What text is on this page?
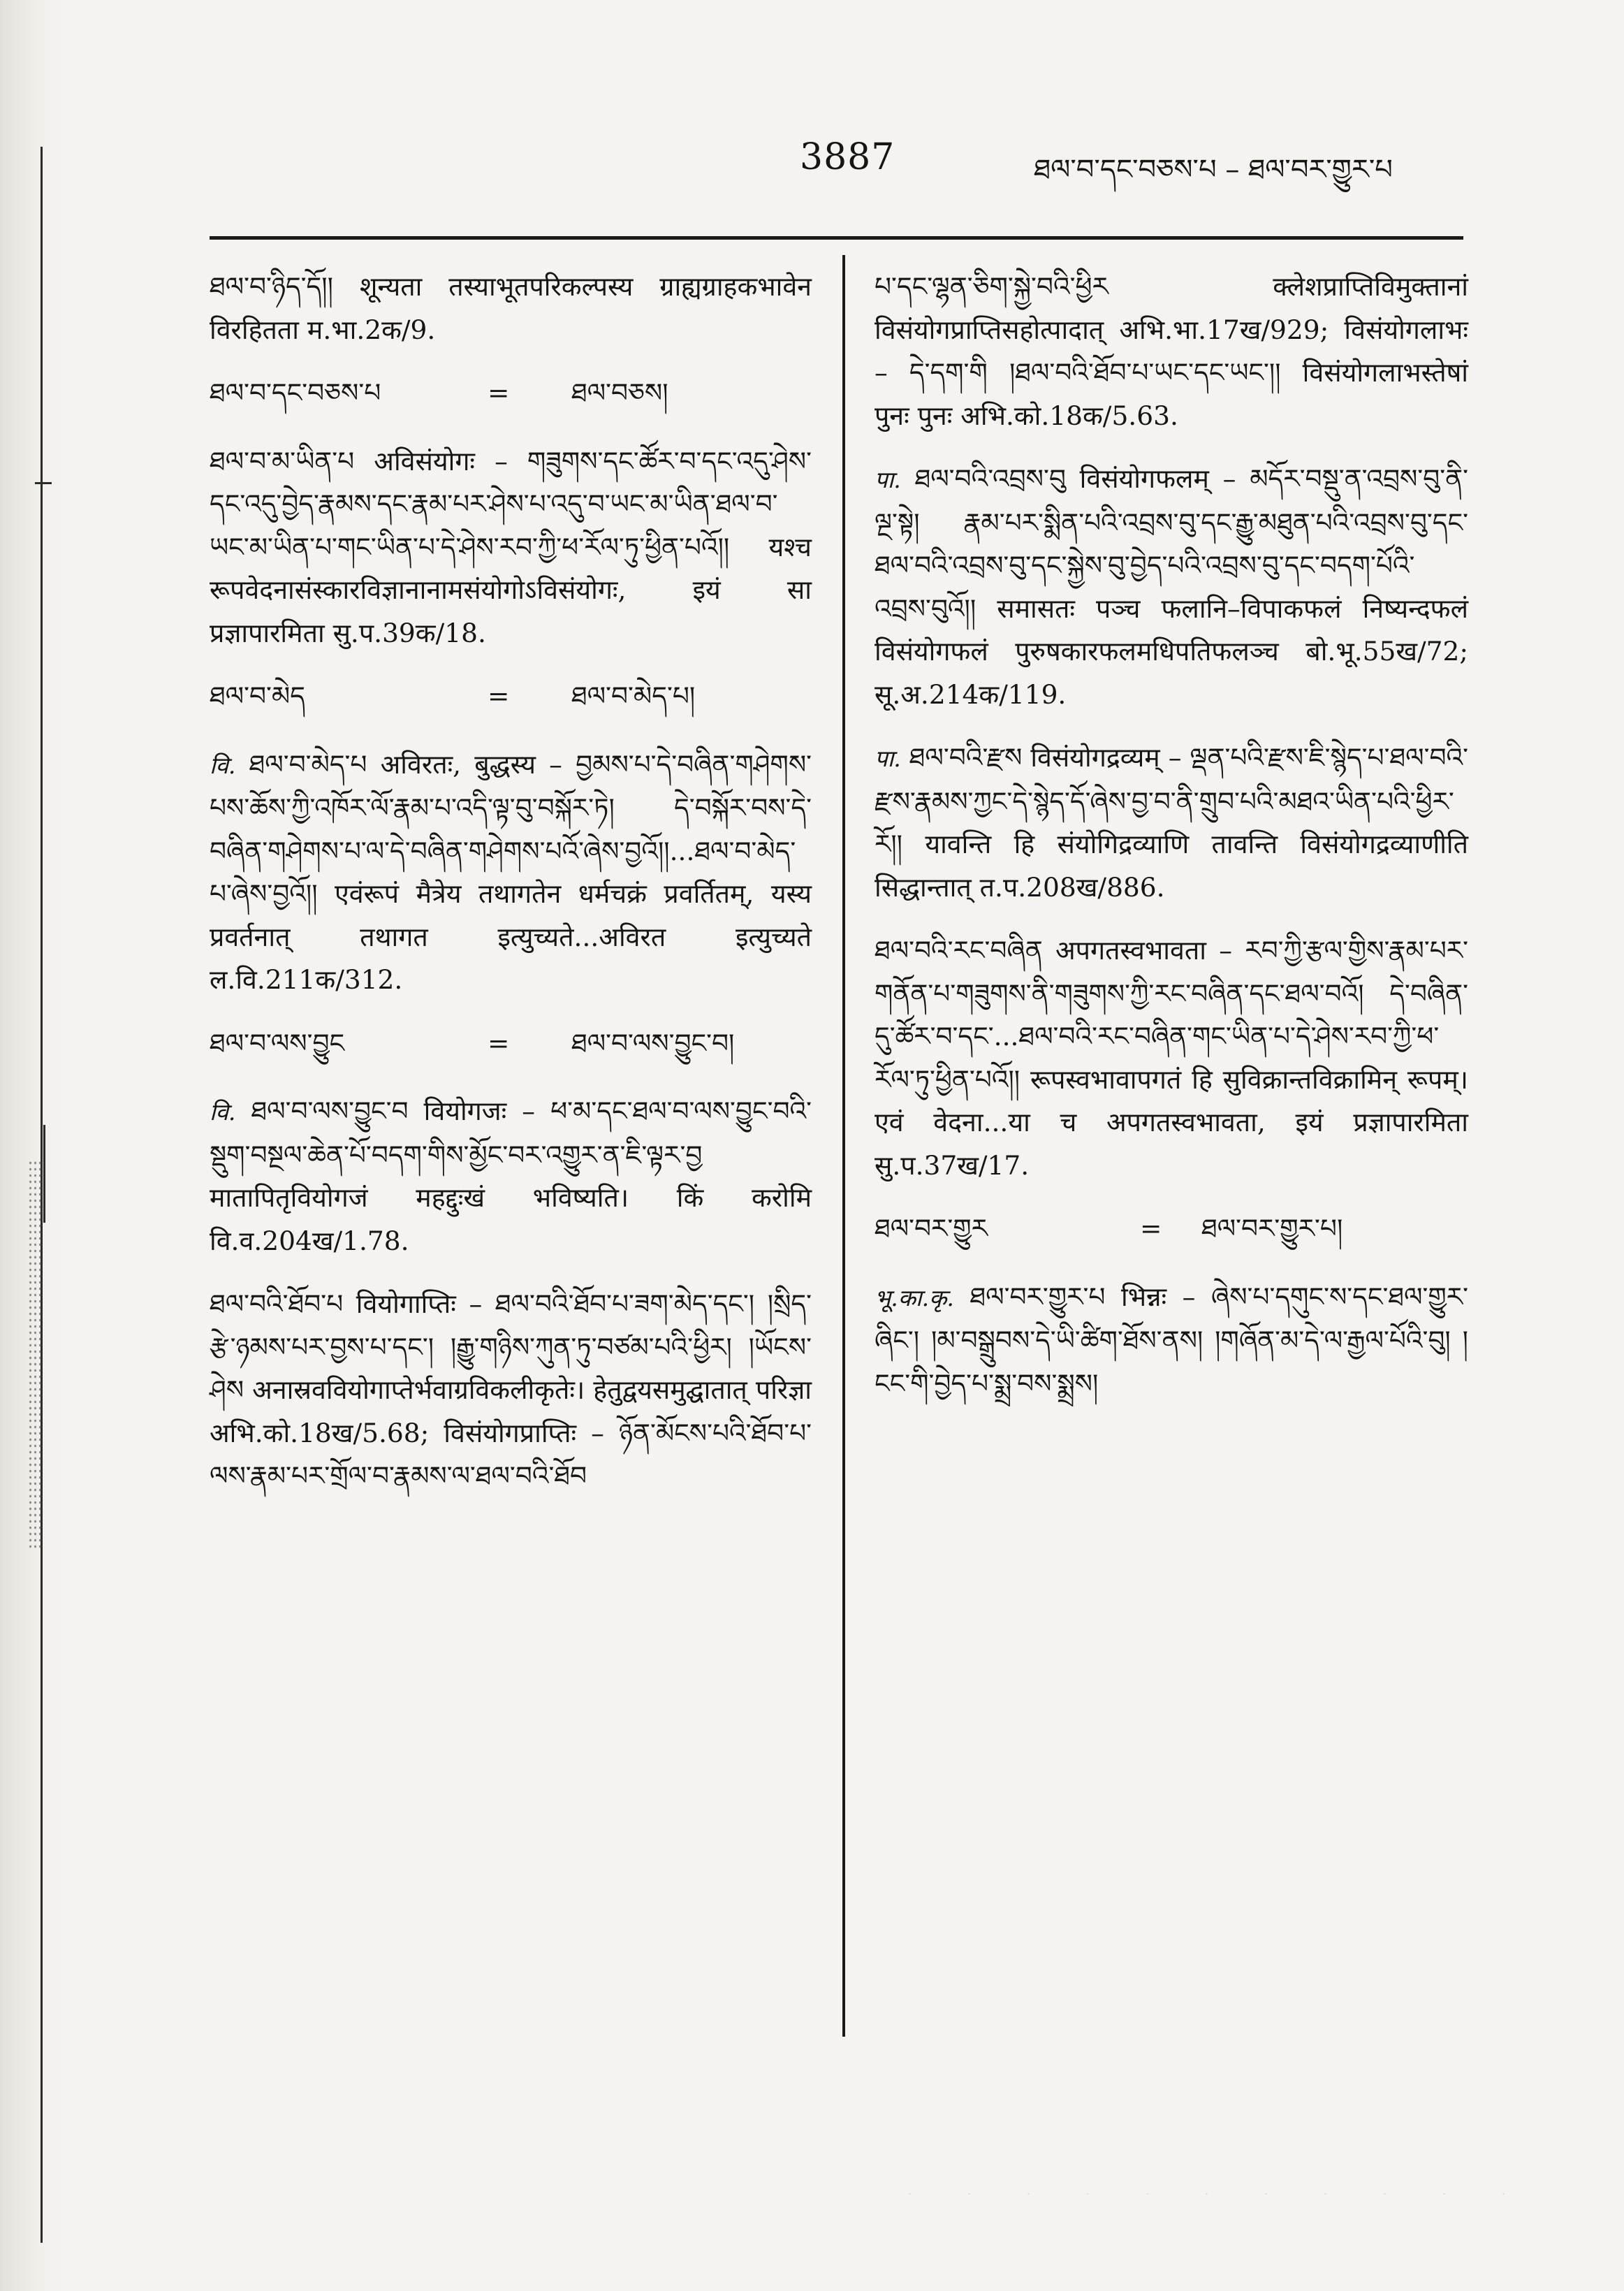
3887	ཐལ་བ་དང་བཅས་པ – ཐལ་བར་གྱུར་པ
ཐལ་བ་ཉིད་དོ།། शून्यता तस्याभूतपरिकल्पस्य ग्राह्यग्राहकभावेन विरहितता म.भा.2क/9.
ཐལ་བ་དང་བཅས་པ	=	ཐལ་བཅས།
ཐལ་བ་མ་ཡིན་པ अविसंयोगः – གཟུགས་དང་ཚོར་བ་དང་འདུ་ཤེས་དང་འདུ་བྱེད་རྣམས་དང་རྣམ་པར་ཤེས་པ་འདུ་བ་ཡང་མ་ཡིན་ཐལ་བ་ཡང་མ་ཡིན་པ་གང་ཡིན་པ་དེ་ཤེས་རབ་ཀྱི་ཕ་རོལ་ཏུ་ཕྱིན་པའོ།། यश्च रूपवेदनासंस्कारविज्ञानानामसंयोगोऽविसंयोगः, इयं सा प्रज्ञापारमिता सु.प.39क/18.
ཐལ་བ་མེད	=	ཐལ་བ་མེད་པ།
वि. ཐལ་བ་མེད་པ अविरतः, बुद्धस्य – བྱམས་པ་དེ་བཞིན་གཤེགས་པས་ཆོས་ཀྱི་འཁོར་ལོ་རྣམ་པ་འདི་ལྟ་བུ་བསྐོར་ཏེ། དེ་བསྐོར་བས་དེ་བཞིན་གཤེགས་པ་ལ་དེ་བཞིན་གཤེགས་པའོ་ཞེས་བྱའོ།།...ཐལ་བ་མེད་པ་ཞེས་བྱའོ།། एवंरूपं मैत्रेय तथागतेन धर्मचक्रं प्रवर्तितम्, यस्य प्रवर्तनात् तथागत इत्युच्यते...अविरत इत्युच्यते ल.वि.211क/312.
ཐལ་བ་ལས་བྱུང	=	ཐལ་བ་ལས་བྱུང་བ།
वि. ཐལ་བ་ལས་བྱུང་བ वियोगजः – ཕ་མ་དང་ཐལ་བ་ལས་བྱུང་བའི་སྡུག་བསྔལ་ཆེན་པོ་བདག་གིས་མྱོང་བར་འགྱུར་ན་ཇི་ལྟར་བྱ मातापितृवियोगजं महद्दुःखं भविष्यति। किं करोमि वि.व.204ख/1.78.
ཐལ་བའི་ཐོབ་པ वियोगाप्तिः – ཐལ་བའི་ཐོབ་པ་ཟག་མེད་དང་། །སྲིད་རྩེ་ཉམས་པར་བྱས་པ་དང་། །རྒྱུ་གཉིས་ཀུན་ཏུ་བཙམ་པའི་ཕྱིར། །ཡོངས་ཤེས अनास्रववियोगाप्तेर्भवाग्रविकलीकृतेः। हेतुद्वयसमुद्घातात् परिज्ञा अभि.को.18ख/5.68; विसंयोगप्राप्तिः – ཉོན་མོངས་པའི་ཐོབ་པ་ལས་རྣམ་པར་གྲོལ་བ་རྣམས་ལ་ཐལ་བའི་ཐོབ
པ་དང་ལྷན་ཅིག་སྐྱེ་བའི་ཕྱིར क्लेशप्राप्तिविमुक्तानां विसंयोगप्राप्तिसहोत्पादात् अभि.भा.17ख/929; विसंयोगलाभः – དེ་དག་གི །ཐལ་བའི་ཐོབ་པ་ཡང་དང་ཡང་།། विसंयोगलाभस्तेषां पुनः पुनः अभि.को.18क/5.63.
पा. ཐལ་བའི་འབྲས་བུ विसंयोगफलम् – མདོར་བསྡུ་ན་འབྲས་བུ་ནི་ལྔ་སྟེ། རྣམ་པར་སྨིན་པའི་འབྲས་བུ་དང་རྒྱུ་མཐུན་པའི་འབྲས་བུ་དང་ཐལ་བའི་འབྲས་བུ་དང་སྐྱེས་བུ་བྱེད་པའི་འབྲས་བུ་དང་བདག་པོའི་འབྲས་བུའོ།། समासतः पञ्च फलानि–विपाकफलं निष्यन्दफलं विसंयोगफलं पुरुषकारफलमधिपतिफलञ्च बो.भू.55ख/72; सू.अ.214क/119.
पा. ཐལ་བའི་རྫས विसंयोगद्रव्यम् – ལྡན་པའི་རྫས་ཇི་སྙེད་པ་ཐལ་བའི་རྫས་རྣམས་ཀྱང་དེ་སྙེད་དོ་ཞེས་བྱ་བ་ནི་གྲུབ་པའི་མཐའ་ཡིན་པའི་ཕྱིར་རོ།། यावन्ति हि संयोगिद्रव्याणि तावन्ति विसंयोगद्रव्याणीति सिद्धान्तात् त.प.208ख/886.
ཐལ་བའི་རང་བཞིན अपगतस्वभावता – རབ་ཀྱི་རྩལ་གྱིས་རྣམ་པར་གནོན་པ་གཟུགས་ནི་གཟུགས་ཀྱི་རང་བཞིན་དང་ཐལ་བའོ། དེ་བཞིན་དུ་ཚོར་བ་དང་...ཐལ་བའི་རང་བཞིན་གང་ཡིན་པ་དེ་ཤེས་རབ་ཀྱི་ཕ་རོལ་ཏུ་ཕྱིན་པའོ།། रूपस्वभावापगतं हि सुविक्रान्तविक्रामिन् रूपम्। एवं वेदना...या च अपगतस्वभावता, इयं प्रज्ञापारमिता सु.प.37ख/17.
ཐལ་བར་གྱུར	=	ཐལ་བར་གྱུར་པ།
भू.का.कृ. ཐལ་བར་གྱུར་པ भिन्नः – ཞེས་པ་དགུང་ས་དང་ཐལ་གྱུར་ཞིང་། །མ་བསྒྲུབས་དེ་ཡི་ཚིག་ཐོས་ནས། །གཞོན་མ་དེ་ལ་རྒྱལ་པོའི་བུ། །ངང་གི་བྱེད་པ་སྨྲ་བས་སྨྲས།
